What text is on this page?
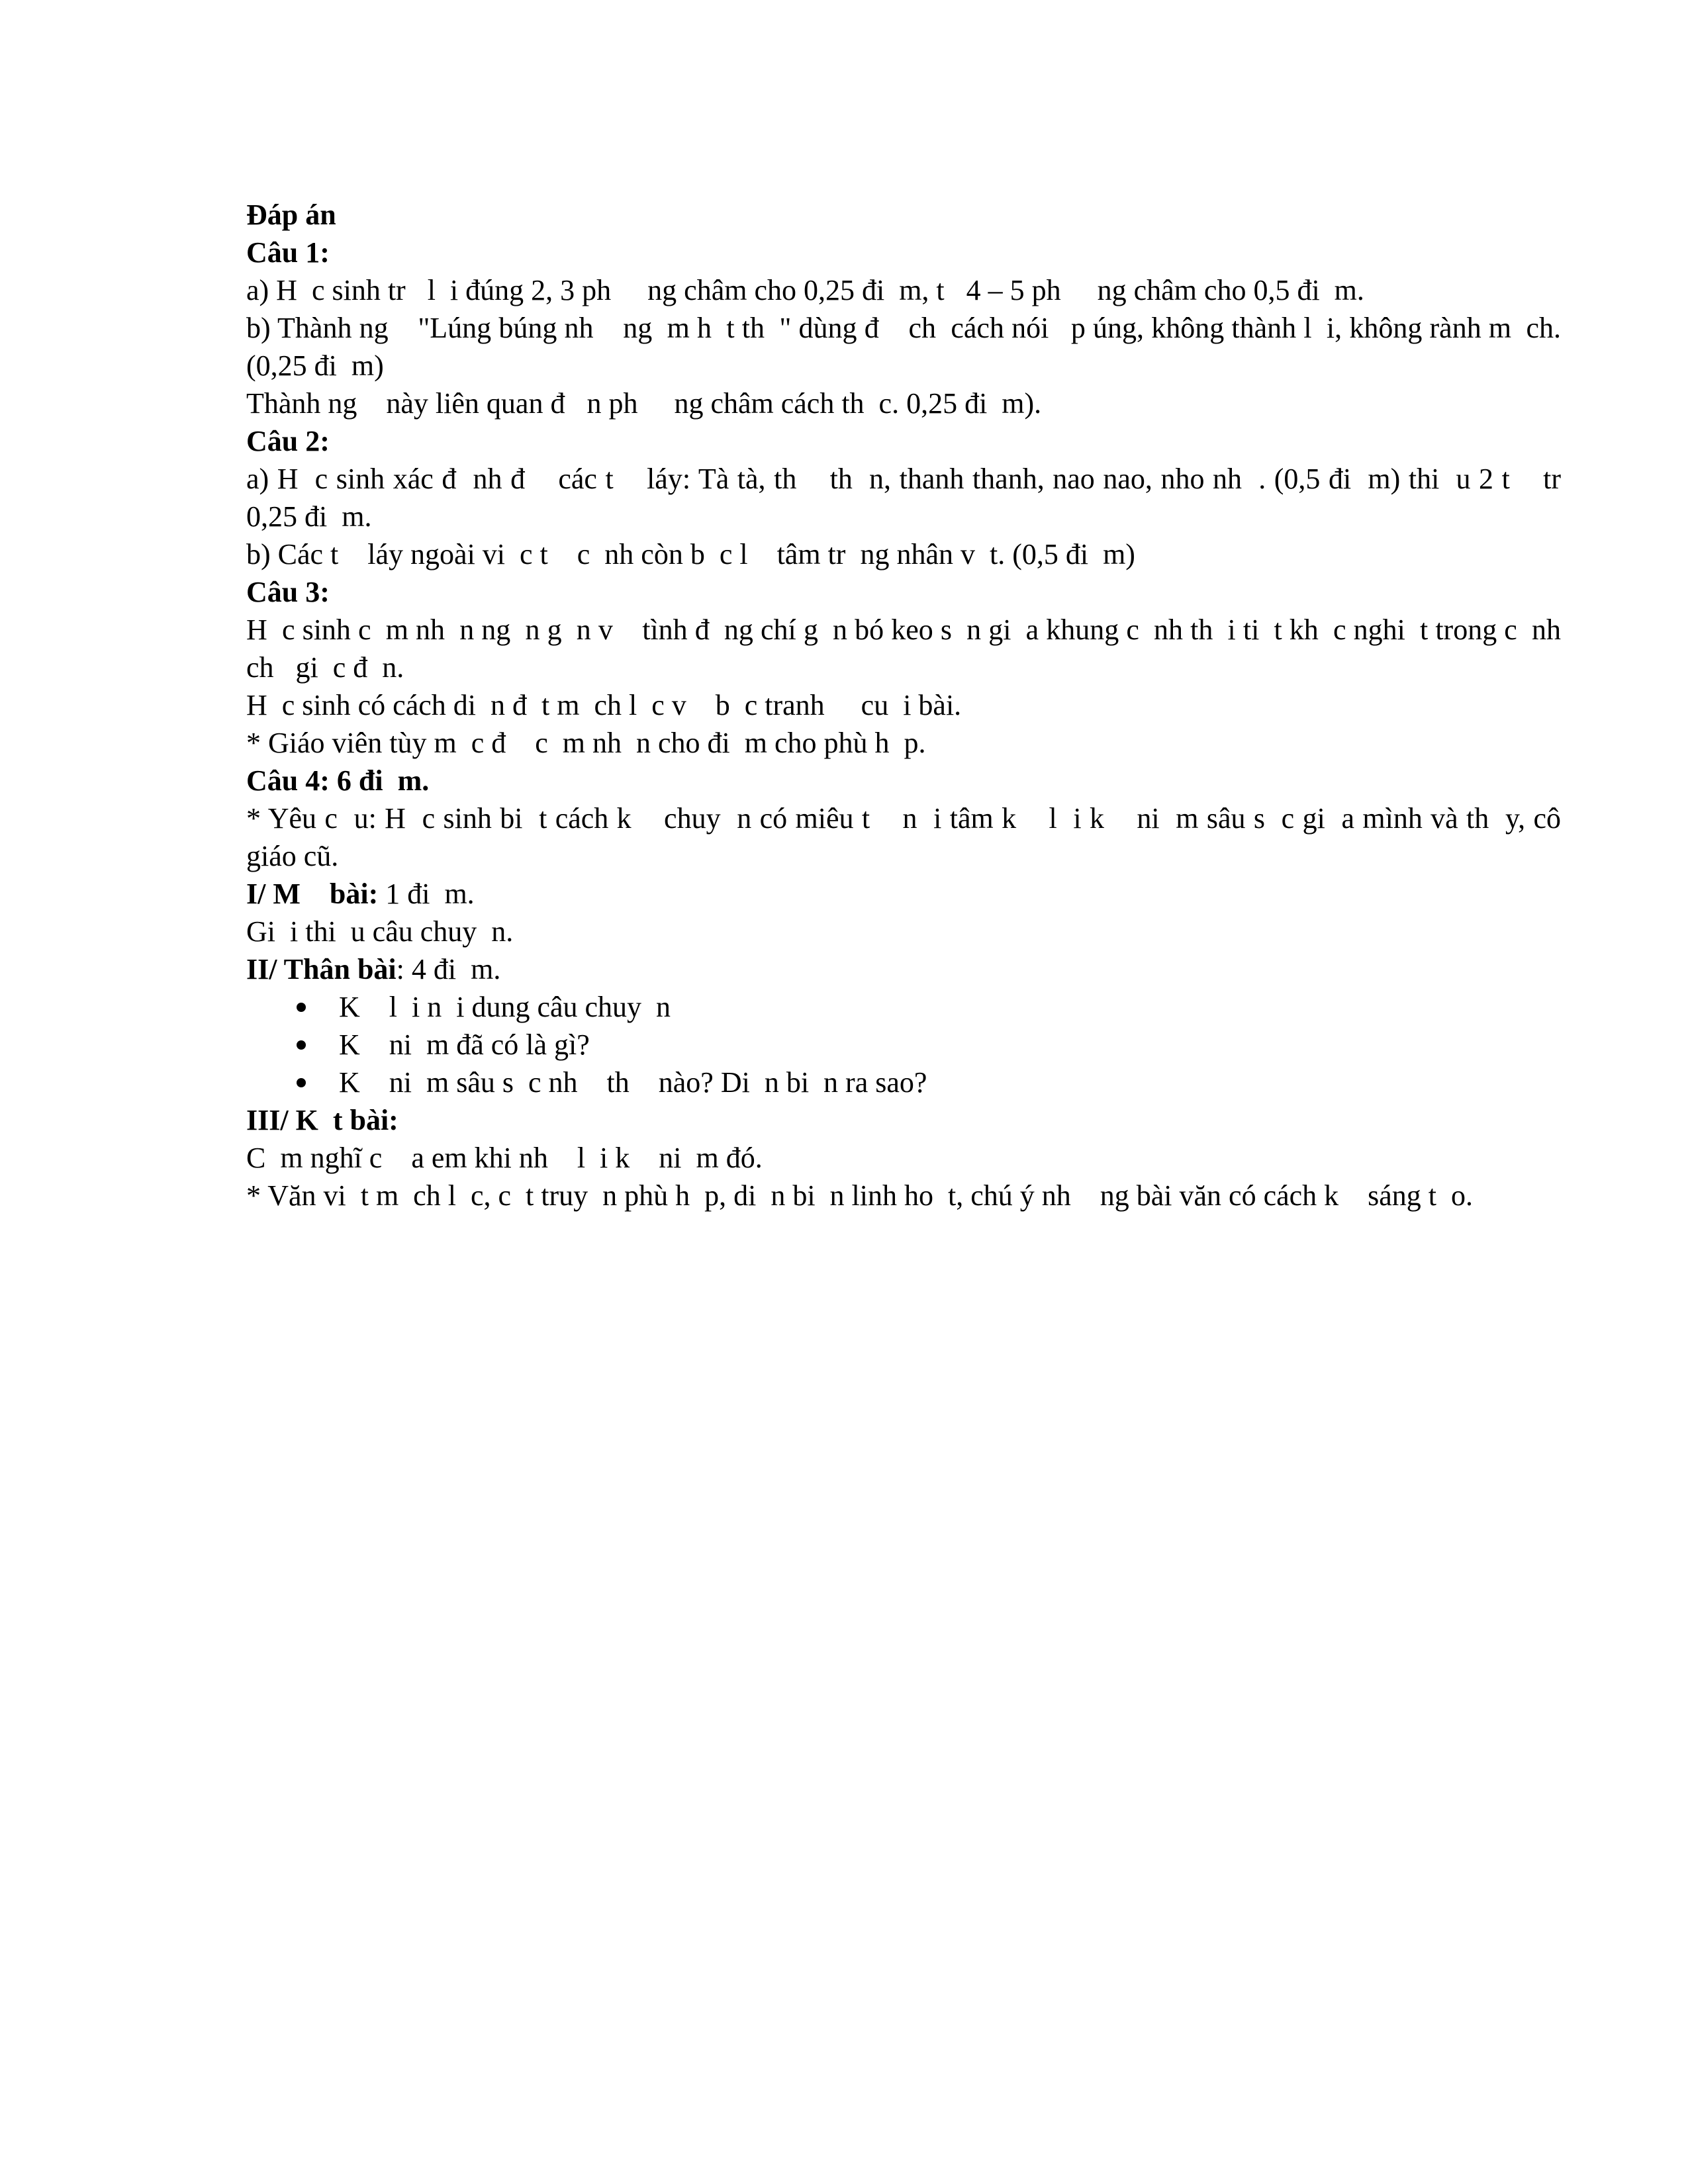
Đáp án
Câu 1:
a) H  c sinh tr   l  i đúng 2, 3 ph     ng châm cho 0,25 đi  m, t   4 – 5 ph     ng châm cho 0,5 đi  m.
b) Thành ng    "Lúng búng nh    ng  m h  t th  " dùng đ    ch  cách nói   p úng, không thành l  i, không rành m  ch. (0,25 đi  m)
Thành ng    này liên quan đ   n ph     ng châm cách th  c. 0,25 đi  m).
Câu 2:
a) H  c sinh xác đ  nh đ    các t    láy: Tà tà, th    th  n, thanh thanh, nao nao, nho nh  . (0,5 đi  m) thi  u 2 t    tr    0,25 đi  m.
b) Các t    láy ngoài vi  c t    c  nh còn b  c l    tâm tr  ng nhân v  t. (0,5 đi  m)
Câu 3:
H  c sinh c  m nh  n ng  n g  n v    tình đ  ng chí g  n bó keo s  n gi  a khung c  nh th  i ti  t kh  c nghi  t trong c  nh ch   gi  c đ  n.
H  c sinh có cách di  n đ  t m  ch l  c v    b  c tranh     cu  i bài.
* Giáo viên tùy m  c đ    c  m nh  n cho đi  m cho phù h  p.
Câu 4: 6 đi  m.
* Yêu c  u: H  c sinh bi  t cách k    chuy  n có miêu t    n  i tâm k    l  i k    ni  m sâu s  c gi  a mình và th  y, cô giáo cũ.
I/ M    bài: 1 đi  m.
Gi  i thi  u câu chuy  n.
II/ Thân bài: 4 đi  m.
K    l  i n  i dung câu chuy  n
K    ni  m đã có là gì?
K    ni  m sâu s  c nh    th    nào? Di  n bi  n ra sao?
III/ K  t bài:
C  m nghĩ c    a em khi nh    l  i k    ni  m đó.
* Văn vi  t m  ch l  c, c  t truy  n phù h  p, di  n bi  n linh ho  t, chú ý nh    ng bài văn có cách k    sáng t  o.
